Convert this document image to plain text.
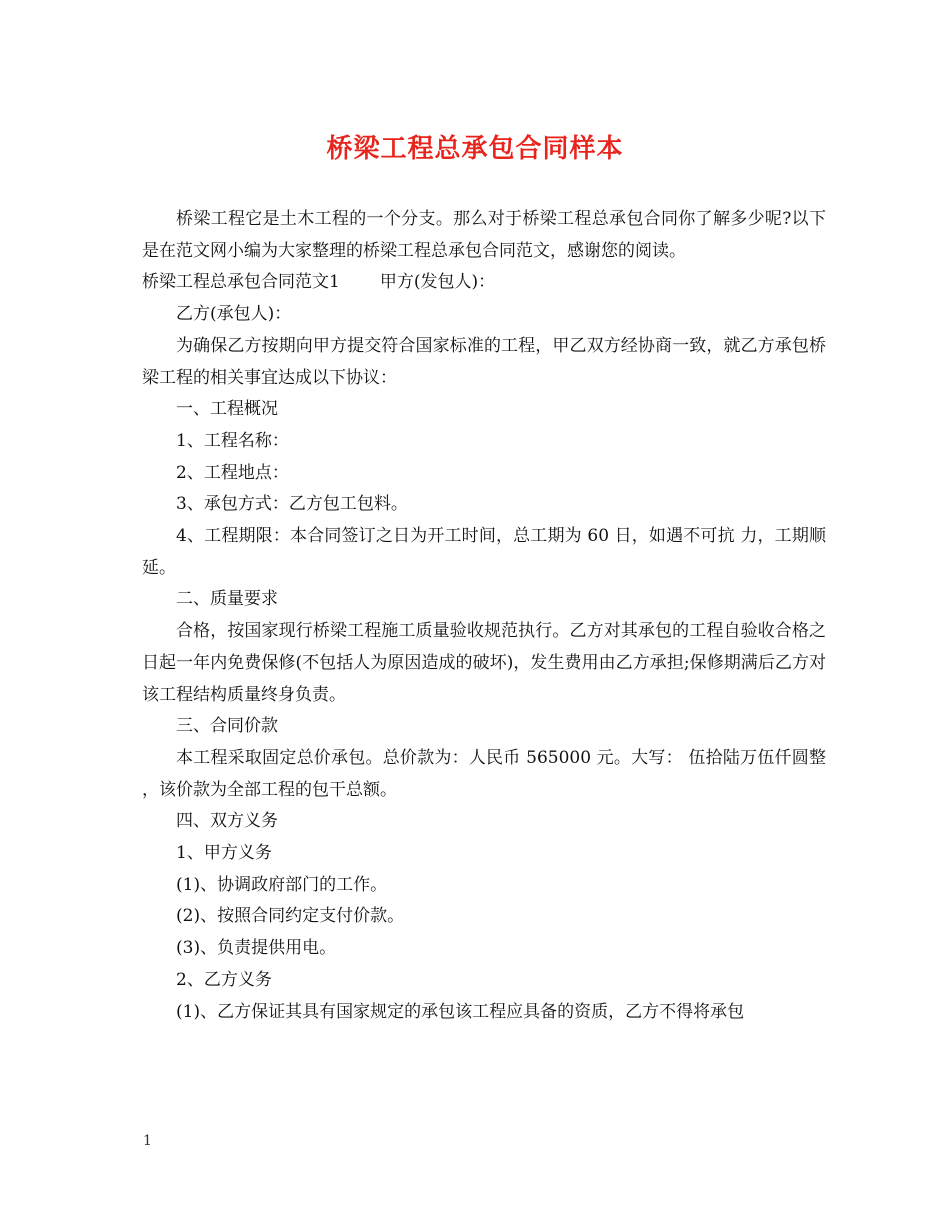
桥梁工程总承包合同样本

桥梁工程它是土木工程的一个分支。那么对于桥梁工程总承包合同你了解多少呢?以下是在范文网小编为大家整理的桥梁工程总承包合同范文，感谢您的阅读。

桥梁工程总承包合同范文1 甲方(发包人)：

乙方(承包人)：

为确保乙方按期向甲方提交符合国家标准的工程，甲乙双方经协商一致，就乙方承包桥梁工程的相关事宜达成以下协议：

一、工程概况

1、工程名称：

2、工程地点：

3、承包方式：乙方包工包料。

4、工程期限：本合同签订之日为开工时间，总工期为 60 日，如遇不可抗 力，工期顺延。

二、质量要求

合格，按国家现行桥梁工程施工质量验收规范执行。乙方对其承包的工程自验收合格之日起一年内免费保修(不包括人为原因造成的破坏)，发生费用由乙方承担;保修期满后乙方对该工程结构质量终身负责。

三、合同价款

本工程采取固定总价承包。总价款为：人民币 565000 元。大写： 伍拾陆万伍仟圆整 ，该价款为全部工程的包干总额。

四、双方义务

1、甲方义务

(1)、协调政府部门的工作。

(2)、按照合同约定支付价款。

(3)、负责提供用电。

2、乙方义务

(1)、乙方保证其具有国家规定的承包该工程应具备的资质，乙方不得将承包

1
